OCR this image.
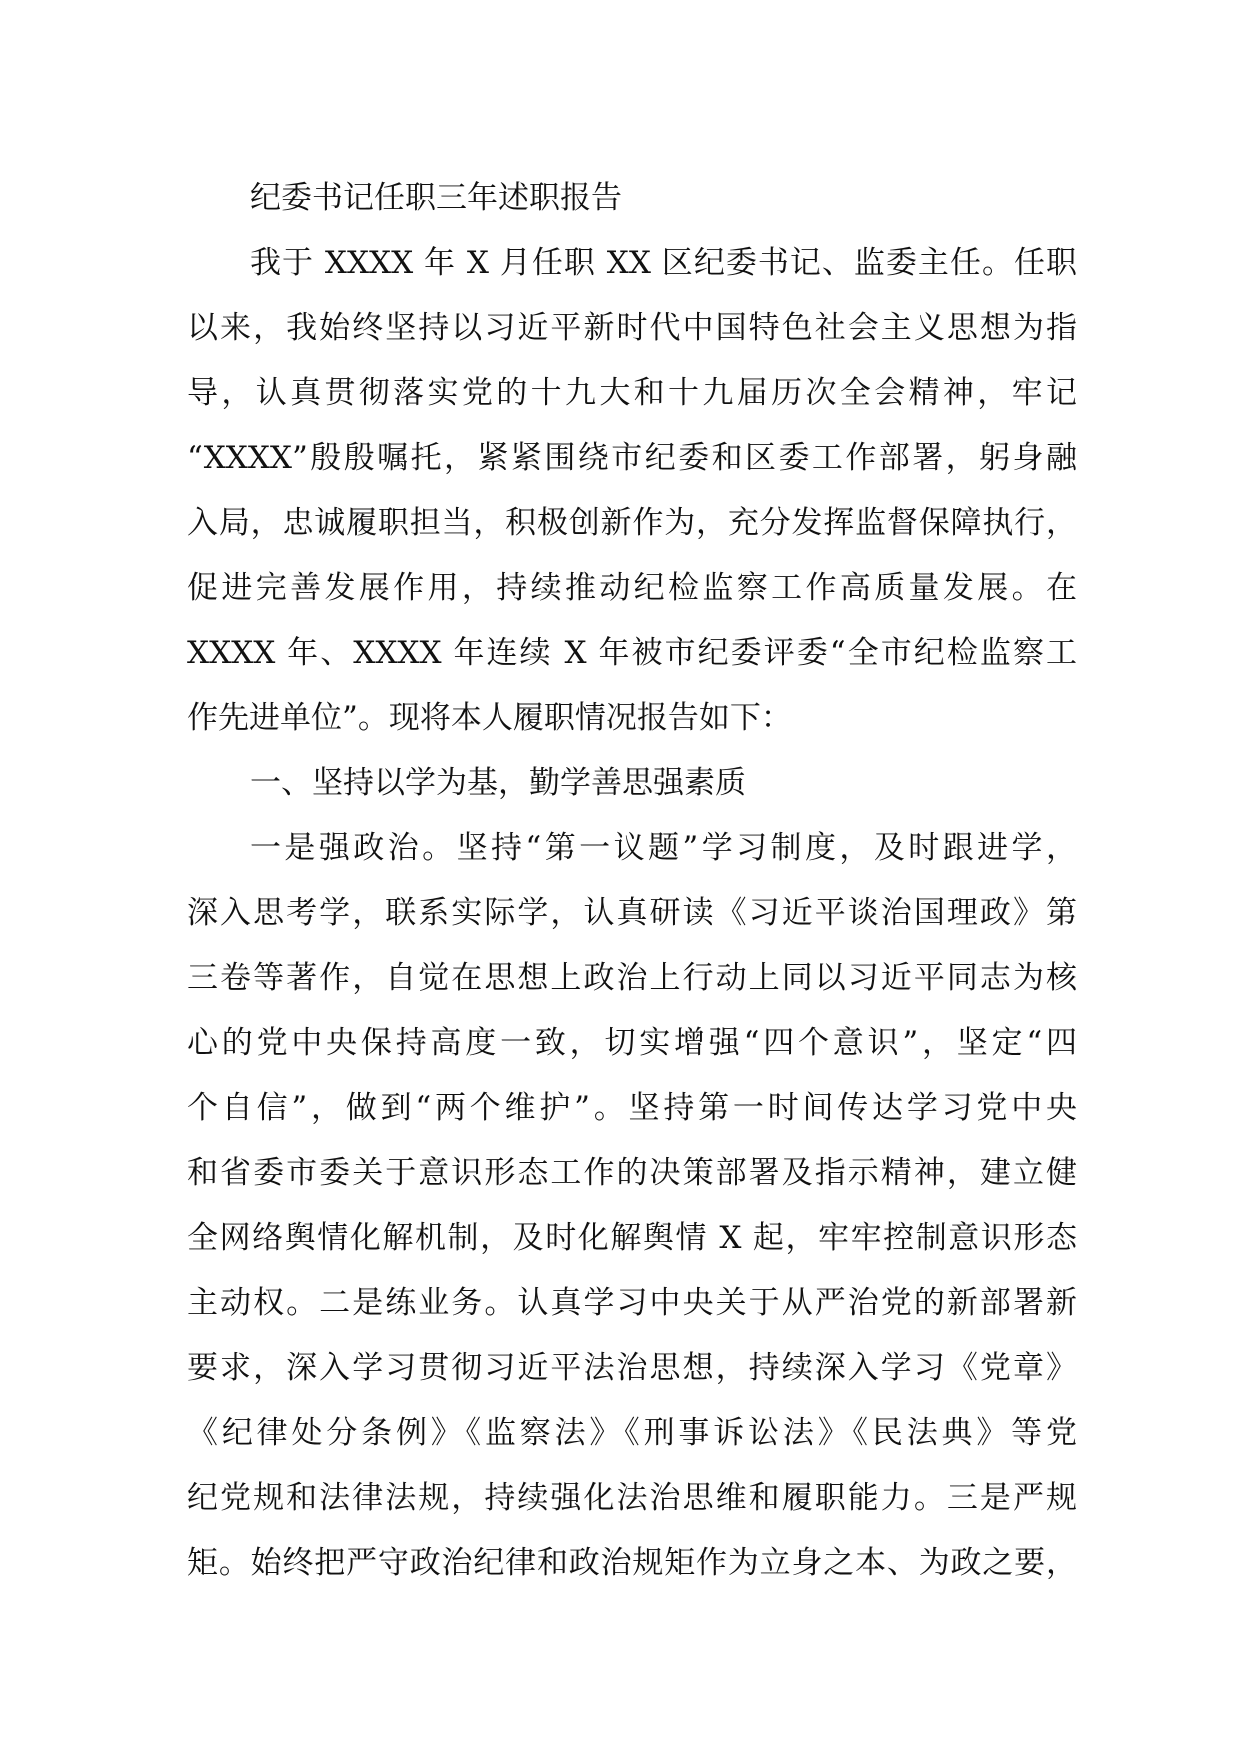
纪委书记任职三年述职报告
我于 XXXX 年 X 月任职 XX 区纪委书记、监委主任。任职
以来，我始终坚持以习近平新时代中国特色社会主义思想为指
导，认真贯彻落实党的十九大和十九届历次全会精神，牢记
“XXXX”殷殷嘱托，紧紧围绕市纪委和区委工作部署，躬身融
入局，忠诚履职担当，积极创新作为，充分发挥监督保障执行，
促进完善发展作用，持续推动纪检监察工作高质量发展。在
XXXX 年、XXXX 年连续 X 年被市纪委评委“全市纪检监察工
作先进单位”。现将本人履职情况报告如下：
一、坚持以学为基，勤学善思强素质
一是强政治。坚持“第一议题”学习制度，及时跟进学，
深入思考学，联系实际学，认真研读《习近平谈治国理政》第
三卷等著作，自觉在思想上政治上行动上同以习近平同志为核
心的党中央保持高度一致，切实增强“四个意识”，坚定“四
个自信”，做到“两个维护”。坚持第一时间传达学习党中央
和省委市委关于意识形态工作的决策部署及指示精神，建立健
全网络舆情化解机制，及时化解舆情 X 起，牢牢控制意识形态
主动权。二是练业务。认真学习中央关于从严治党的新部署新
要求，深入学习贯彻习近平法治思想，持续深入学习《党章》
《纪律处分条例》《监察法》《刑事诉讼法》《民法典》等党
纪党规和法律法规，持续强化法治思维和履职能力。三是严规
矩。始终把严守政治纪律和政治规矩作为立身之本、为政之要，
